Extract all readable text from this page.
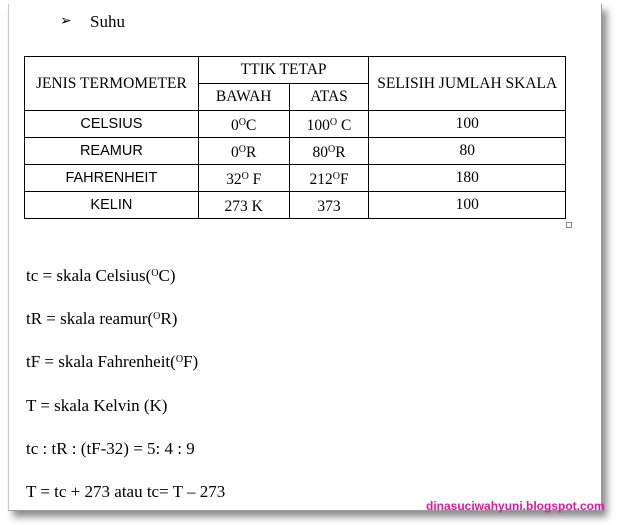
➢ Suhu
JENIS TERMOMETER	TTIK TETAP		SELISIH JUMLAH SKALA
	BAWAH	ATAS	
CELSIUS	$0^OC$	$100^O$ C	100
REAMUR	$0^OR$	$80^OR$	80
FAHRENHEIT	$32^O$ F	$212^OF$	180
KELIN	273 K	373	100
tc = skala Celsius($^O$C)
tR = skala reamur($^O$R)
tF = skala Fahrenheit($^O$F)
T = skala Kelvin (K)
tc : tR : (tF-32) = 5: 4 : 9
T = tc + 273 atau tc= T – 273
dinasuciwahyuni.blogspot.com
